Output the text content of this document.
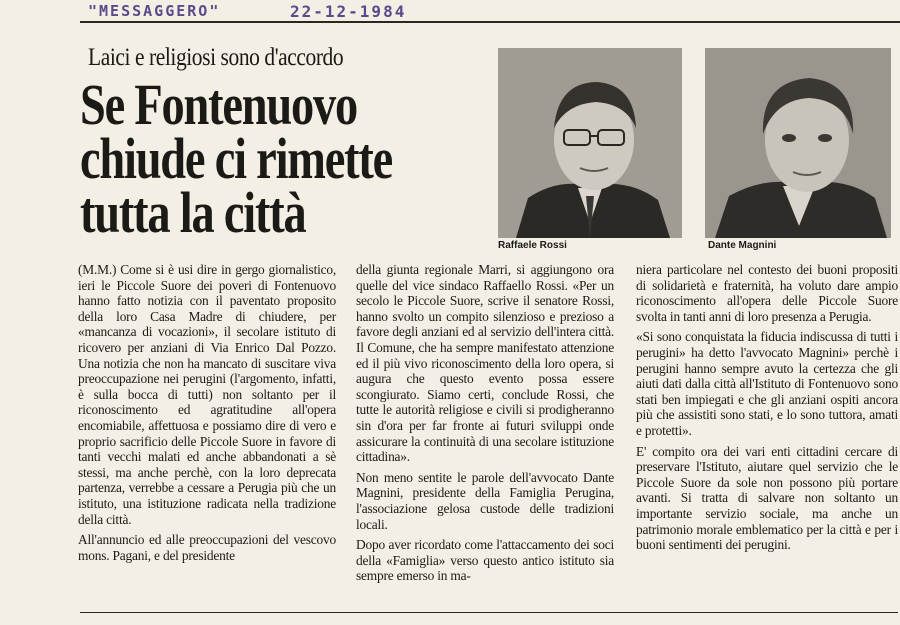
"MESSAGGERO"	22-12-1984
Laici e religiosi sono d'accordo
Se Fontenuovo
chiude ci rimette
tutta la città
Raffaele Rossi	Dante Magnini

(M.M.) Come si è usi dire in gergo giornalistico, ieri le Piccole Suore dei poveri di Fontenuovo hanno fatto notizia con il paventato proposito della loro Casa Madre di chiudere, per «mancanza di vocazioni», il secolare istituto di ricovero per anziani di Via Enrico Dal Pozzo. Una notizia che non ha mancato di suscitare viva preoccupazione nei perugini (l'argomento, infatti, è sulla bocca di tutti) non soltanto per il riconoscimento ed agratitudine all'opera encomiabile, affettuosa e possiamo dire di vero e proprio sacrificio delle Piccole Suore in favore di tanti vecchi malati ed anche abbandonati a sè stessi, ma anche perchè, con la loro deprecata partenza, verrebbe a cessare a Perugia più che un istituto, una istituzione radicata nella tradizione della città.

All'annuncio ed alle preoccupazioni del vescovo mons. Pagani, e del presidente

della giunta regionale Marri, si aggiungono ora quelle del vice sindaco Raffaello Rossi. «Per un secolo le Piccole Suore, scrive il senatore Rossi, hanno svolto un compito silenzioso e prezioso a favore degli anziani ed al servizio dell'intera città. Il Comune, che ha sempre manifestato attenzione ed il più vivo riconoscimento della loro opera, si augura che questo evento possa essere scongiurato. Siamo certi, conclude Rossi, che tutte le autorità religiose e civili si prodigheranno sin d'ora per far fronte ai futuri sviluppi onde assicurare la continuità di una secolare istituzione cittadina».

Non meno sentite le parole dell'avvocato Dante Magnini, presidente della Famiglia Perugina, l'associazione gelosa custode delle tradizioni locali.

Dopo aver ricordato come l'attaccamento dei soci della «Famiglia» verso questo antico istituto sia sempre emerso in ma-

niera particolare nel contesto dei buoni propositi di solidarietà e fraternità, ha voluto dare ampio riconoscimento all'opera delle Piccole Suore svolta in tanti anni di loro presenza a Perugia.

«Si sono conquistata la fiducia indiscussa di tutti i perugini» ha detto l'avvocato Magnini» perchè i perugini hanno sempre avuto la certezza che gli aiuti dati dalla città all'Istituto di Fontenuovo sono stati ben impiegati e che gli anziani ospiti ancora più che assistiti sono stati, e lo sono tuttora, amati e protetti».

E' compito ora dei vari enti cittadini cercare di preservare l'Istituto, aiutare quel servizio che le Piccole Suore da sole non possono più portare avanti. Si tratta di salvare non soltanto un importante servizio sociale, ma anche un patrimonio morale emblematico per la città e per i buoni sentimenti dei perugini.
